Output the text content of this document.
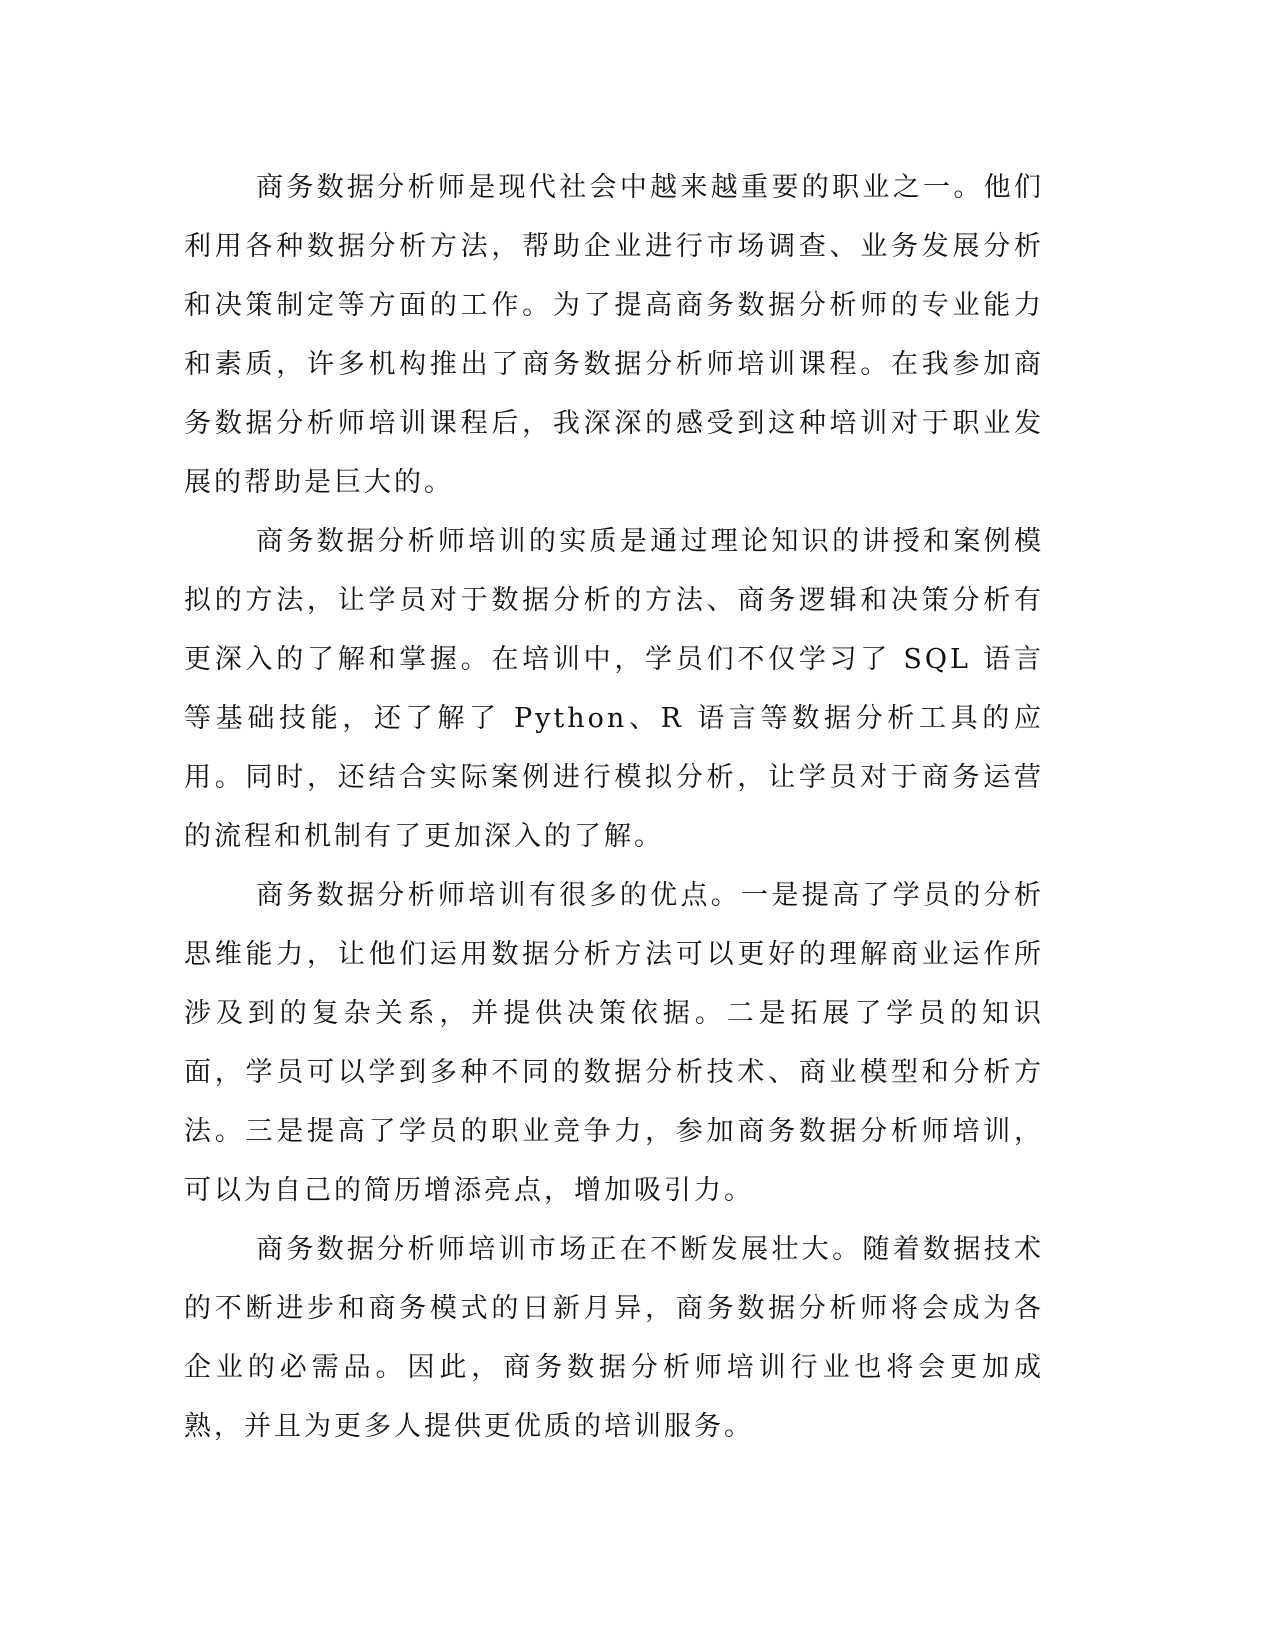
商务数据分析师是现代社会中越来越重要的职业之一。他们利用各种数据分析方法，帮助企业进行市场调查、业务发展分析和决策制定等方面的工作。为了提高商务数据分析师的专业能力和素质，许多机构推出了商务数据分析师培训课程。在我参加商务数据分析师培训课程后，我深深的感受到这种培训对于职业发展的帮助是巨大的。

商务数据分析师培训的实质是通过理论知识的讲授和案例模拟的方法，让学员对于数据分析的方法、商务逻辑和决策分析有更深入的了解和掌握。在培训中，学员们不仅学习了 SQL 语言等基础技能，还了解了 Python、R 语言等数据分析工具的应用。同时，还结合实际案例进行模拟分析，让学员对于商务运营的流程和机制有了更加深入的了解。

商务数据分析师培训有很多的优点。一是提高了学员的分析思维能力，让他们运用数据分析方法可以更好的理解商业运作所涉及到的复杂关系，并提供决策依据。二是拓展了学员的知识面，学员可以学到多种不同的数据分析技术、商业模型和分析方法。三是提高了学员的职业竞争力，参加商务数据分析师培训，可以为自己的简历增添亮点，增加吸引力。

商务数据分析师培训市场正在不断发展壮大。随着数据技术的不断进步和商务模式的日新月异，商务数据分析师将会成为各企业的必需品。因此，商务数据分析师培训行业也将会更加成熟，并且为更多人提供更优质的培训服务。
